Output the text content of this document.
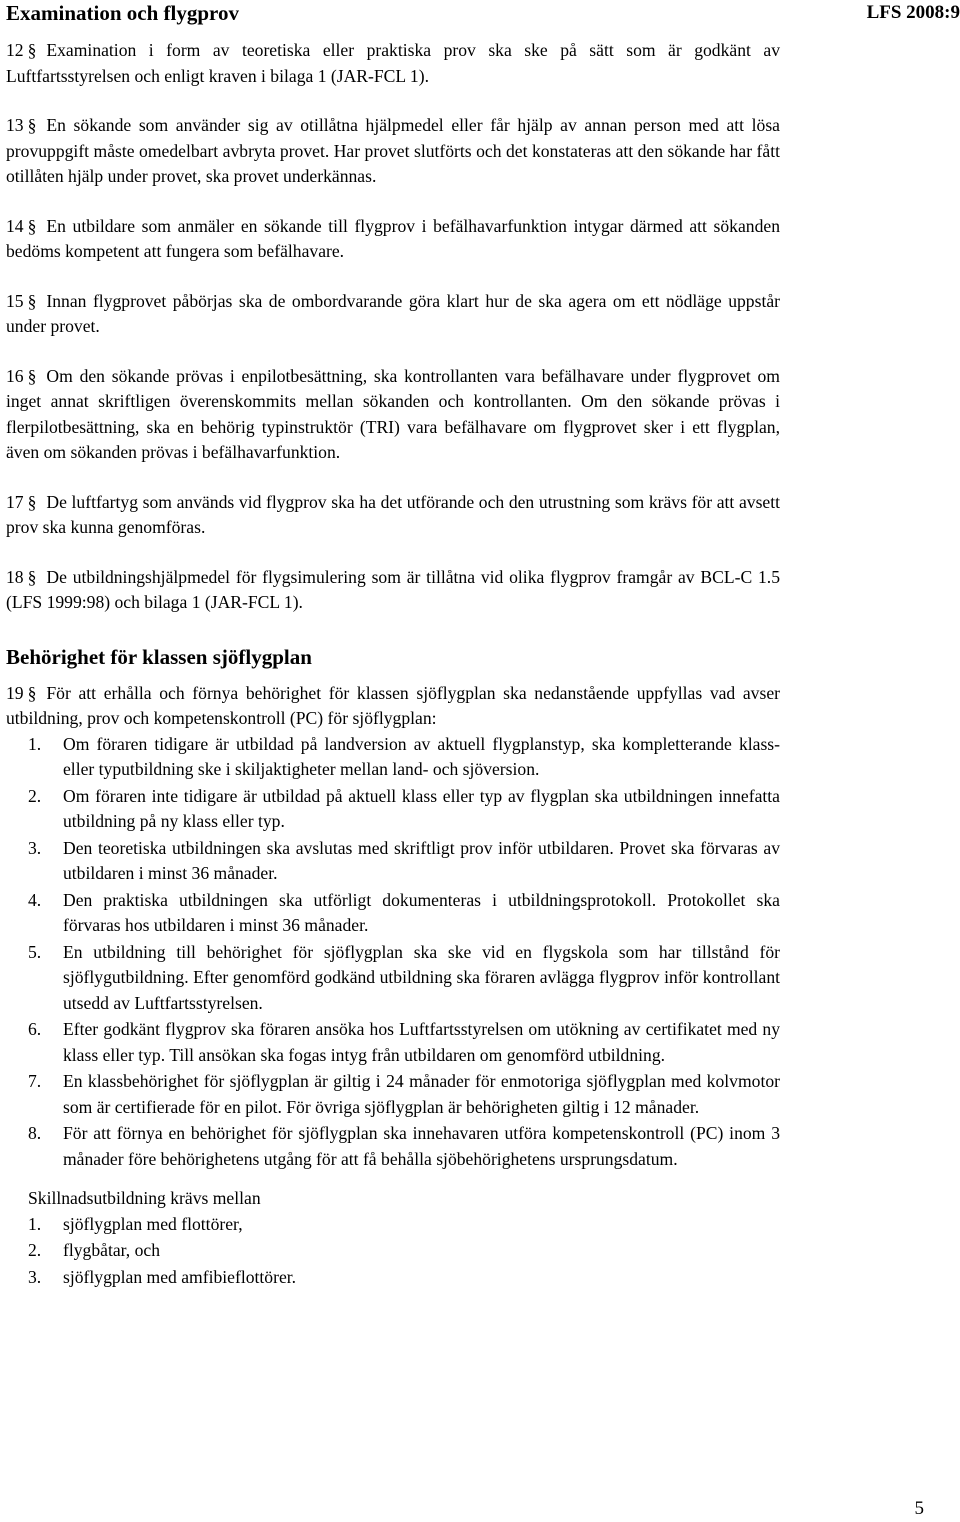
Examination och flygprov	LFS 2008:9
12 § Examination i form av teoretiska eller praktiska prov ska ske på sätt som är godkänt av Luftfartsstyrelsen och enligt kraven i bilaga 1 (JAR-FCL 1).
13 § En sökande som använder sig av otillåtna hjälpmedel eller får hjälp av annan person med att lösa provuppgift måste omedelbart avbryta provet. Har provet slutförts och det konstateras att den sökande har fått otillåten hjälp under provet, ska provet underkännas.
14 § En utbildare som anmäler en sökande till flygprov i befälhavarfunktion intygar därmed att sökanden bedöms kompetent att fungera som befälhavare.
15 § Innan flygprovet påbörjas ska de ombordvarande göra klart hur de ska agera om ett nödläge uppstår under provet.
16 § Om den sökande prövas i enpilotbesättning, ska kontrollanten vara befälhavare under flygprovet om inget annat skriftligen överenskommits mellan sökanden och kontrollanten. Om den sökande prövas i flerpilotbesättning, ska en behörig typinstruktör (TRI) vara befälhavare om flygprovet sker i ett flygplan, även om sökanden prövas i befälhavarfunktion.
17 § De luftfartyg som används vid flygprov ska ha det utförande och den utrustning som krävs för att avsett prov ska kunna genomföras.
18 § De utbildningshjälpmedel för flygsimulering som är tillåtna vid olika flygprov framgår av BCL-C 1.5 (LFS 1999:98) och bilaga 1 (JAR-FCL 1).
Behörighet för klassen sjöflygplan
19 § För att erhålla och förnya behörighet för klassen sjöflygplan ska nedanstående uppfyllas vad avser utbildning, prov och kompetenskontroll (PC) för sjöflygplan:
1. Om föraren tidigare är utbildad på landversion av aktuell flygplanstyp, ska kompletterande klass- eller typutbildning ske i skiljaktigheter mellan land- och sjöversion.
2. Om föraren inte tidigare är utbildad på aktuell klass eller typ av flygplan ska utbildningen innefatta utbildning på ny klass eller typ.
3. Den teoretiska utbildningen ska avslutas med skriftligt prov inför utbildaren. Provet ska förvaras av utbildaren i minst 36 månader.
4. Den praktiska utbildningen ska utförligt dokumenteras i utbildningsprotokoll. Protokollet ska förvaras hos utbildaren i minst 36 månader.
5. En utbildning till behörighet för sjöflygplan ska ske vid en flygskola som har tillstånd för sjöflygutbildning. Efter genomförd godkänd utbildning ska föraren avlägga flygprov inför kontrollant utsedd av Luftfartsstyrelsen.
6. Efter godkänt flygprov ska föraren ansöka hos Luftfartsstyrelsen om utökning av certifikatet med ny klass eller typ. Till ansökan ska fogas intyg från utbildaren om genomförd utbildning.
7. En klassbehörighet för sjöflygplan är giltig i 24 månader för enmotoriga sjöflygplan med kolvmotor som är certifierade för en pilot. För övriga sjöflygplan är behörigheten giltig i 12 månader.
8. För att förnya en behörighet för sjöflygplan ska innehavaren utföra kompetenskontroll (PC) inom 3 månader före behörighetens utgång för att få behålla sjöbehörighetens ursprungsdatum.
Skillnadsutbildning krävs mellan
1. sjöflygplan med flottörer,
2. flygbåtar, och
3. sjöflygplan med amfibieflottörer.
5
